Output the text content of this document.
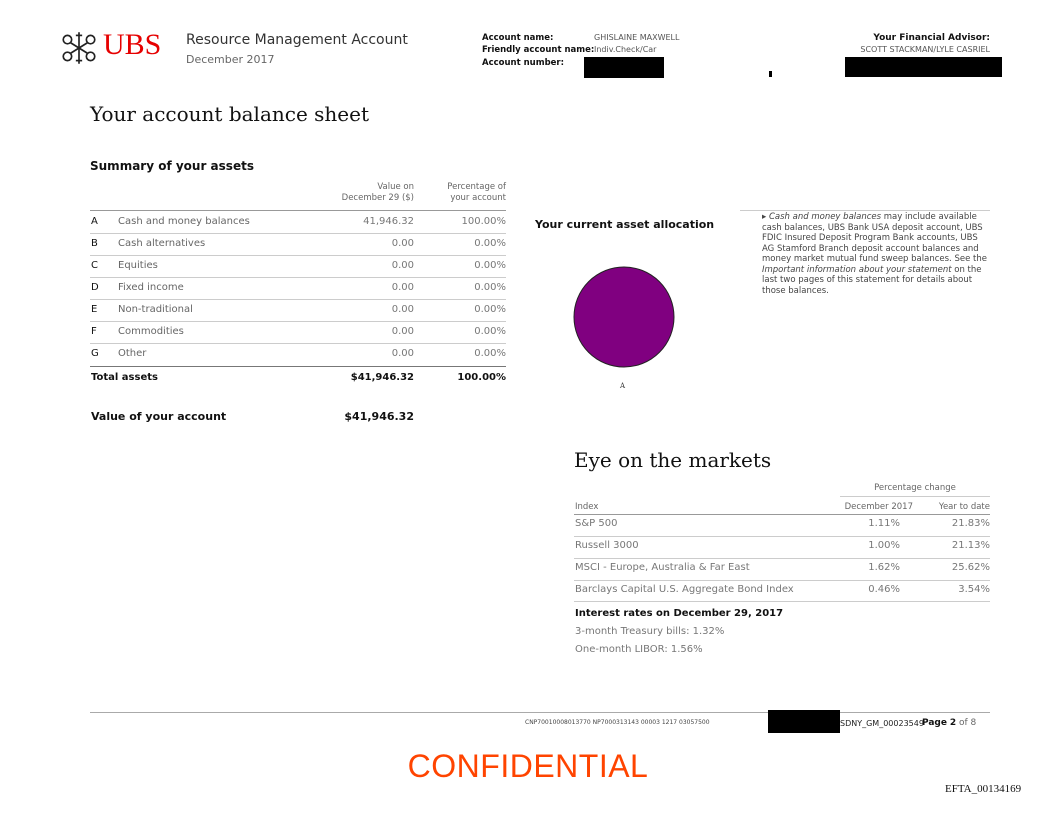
UBS Resource Management Account
December 2017
Account name:	GHISLAINE MAXWELL
Friendly account name: Indiv.Check/Car
Account number:
Your Financial Advisor:
SCOTT STACKMAN/LYLE CASRIEL
Your account balance sheet
Summary of your assets
Value on
December 29 ($)
Percentage of
your account
A	Cash and money balances	41,946.32	100.00%
B	Cash alternatives	0.00	0.00%
C	Equities	0.00	0.00%
D	Fixed income	0.00	0.00%
E	Non-traditional	0.00	0.00%
F	Commodities	0.00	0.00%
G	Other	0.00	0.00%
Total assets	$41,946.32	100.00%
Value of your account	$41,946.32
Your current asset allocation
A
▸ Cash and money balances may include available cash balances, UBS Bank USA deposit account, UBS FDIC Insured Deposit Program Bank accounts, UBS AG Stamford Branch deposit account balances and money market mutual fund sweep balances. See the Important information about your statement on the last two pages of this statement for details about those balances.
Eye on the markets
Percentage change
Index	December 2017	Year to date
S&P 500	1.11%	21.83%
Russell 3000	1.00%	21.13%
MSCI - Europe, Australia & Far East	1.62%	25.62%
Barclays Capital U.S. Aggregate Bond Index	0.46%	3.54%
Interest rates on December 29, 2017
3-month Treasury bills: 1.32%
One-month LIBOR: 1.56%
CNP70010008013770 NP7000313143 00003 1217 03057500	SDNY_GM_00023549
Page 2 of 8
CONFIDENTIAL
EFTA_00134169
